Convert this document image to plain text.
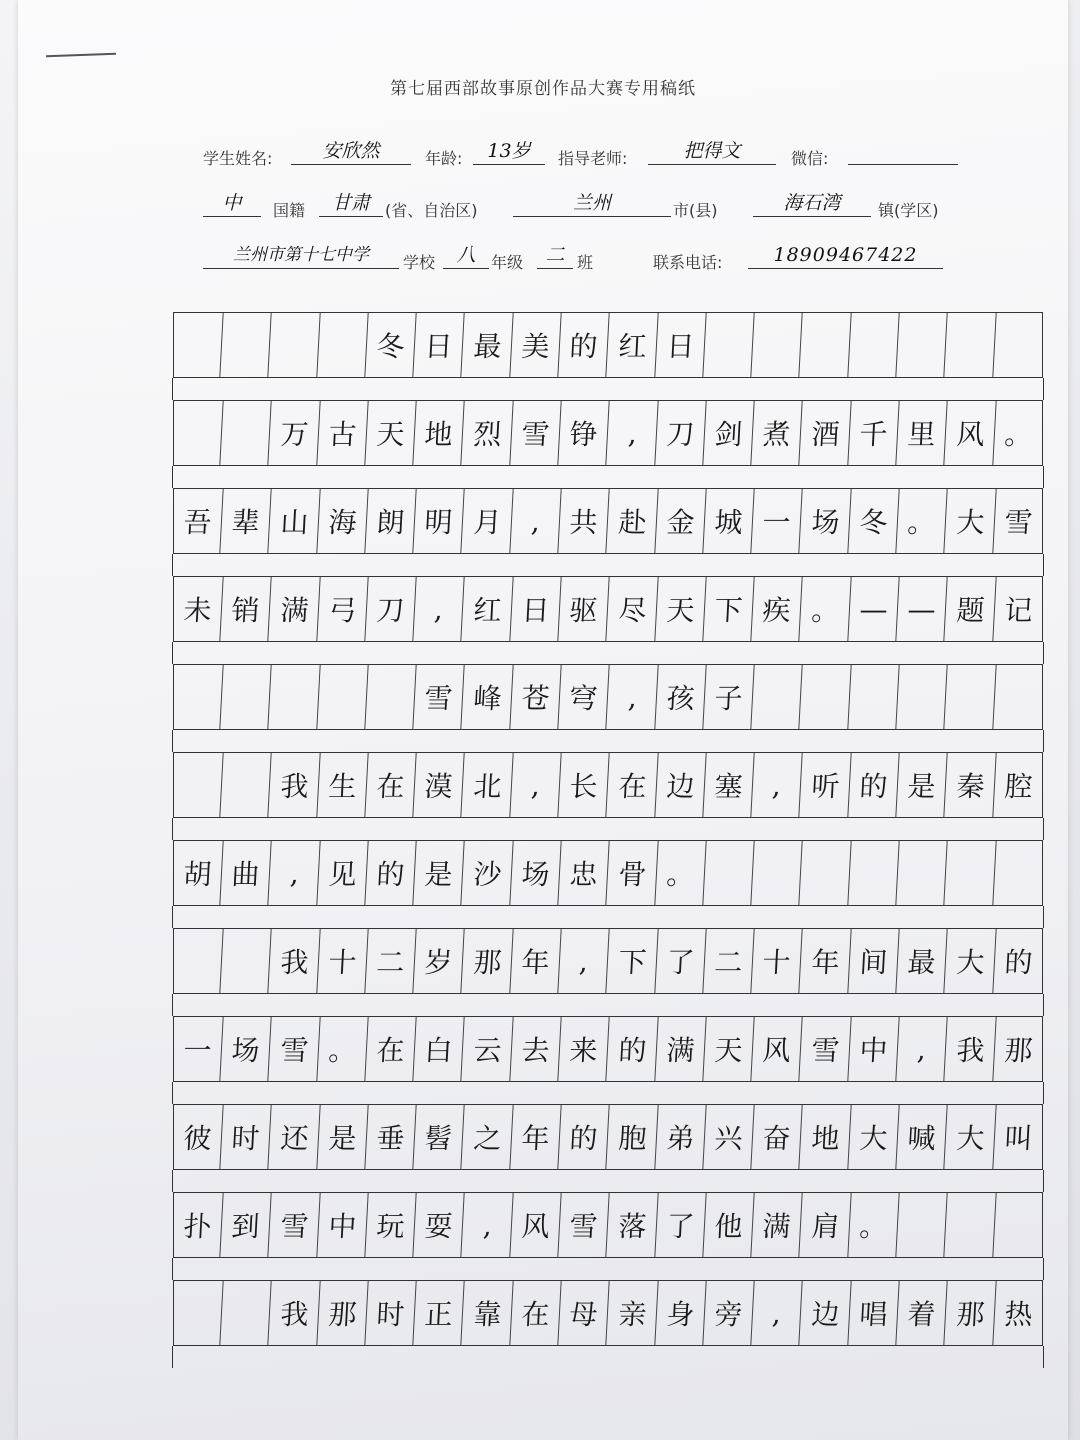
第七届西部故事原创作品大赛专用稿纸
学生姓名:	安欣然	年龄:	13岁	指导老师:	把得文	微信:
中	国籍	甘肃 (省、自治区)	兰州	市(县)	海石湾	镇(学区)
兰州市第十七中学	学校	八 年级	二 班	联系电话:	18909467422
冬 日 最 美 的 红 日
万 古 天 地 烈 雪 铮	,	刀 剑 煮 酒 千 里 风 。
吾 辈 山 海 朗 明 月	,	共 赴 金 城 一 场 冬 。 大 雪
未 销 满 弓 刀	,	红 日 驱 尽 天 下 疾 。 — — 题 记
雪 峰 苍 穹	,	孩 子
我 生 在 漠 北	,	长 在 边 塞	,	听 的 是 秦 腔
胡 曲	,	见 的 是 沙 场 忠 骨 。
我 十 二 岁 那 年	,	下 了 二 十 年 间 最 大 的
一 场 雪 。 在 白 云 去 来 的 满 天 风 雪 中	,	我 那
彼 时 还 是 垂 髫 之 年 的 胞 弟 兴 奋 地 大 喊 大 叫
扑 到 雪 中 玩 耍	,	风 雪 落 了 他 满 肩 。
我 那 时 正 靠 在 母 亲 身 旁	,	边 唱 着 那 热
